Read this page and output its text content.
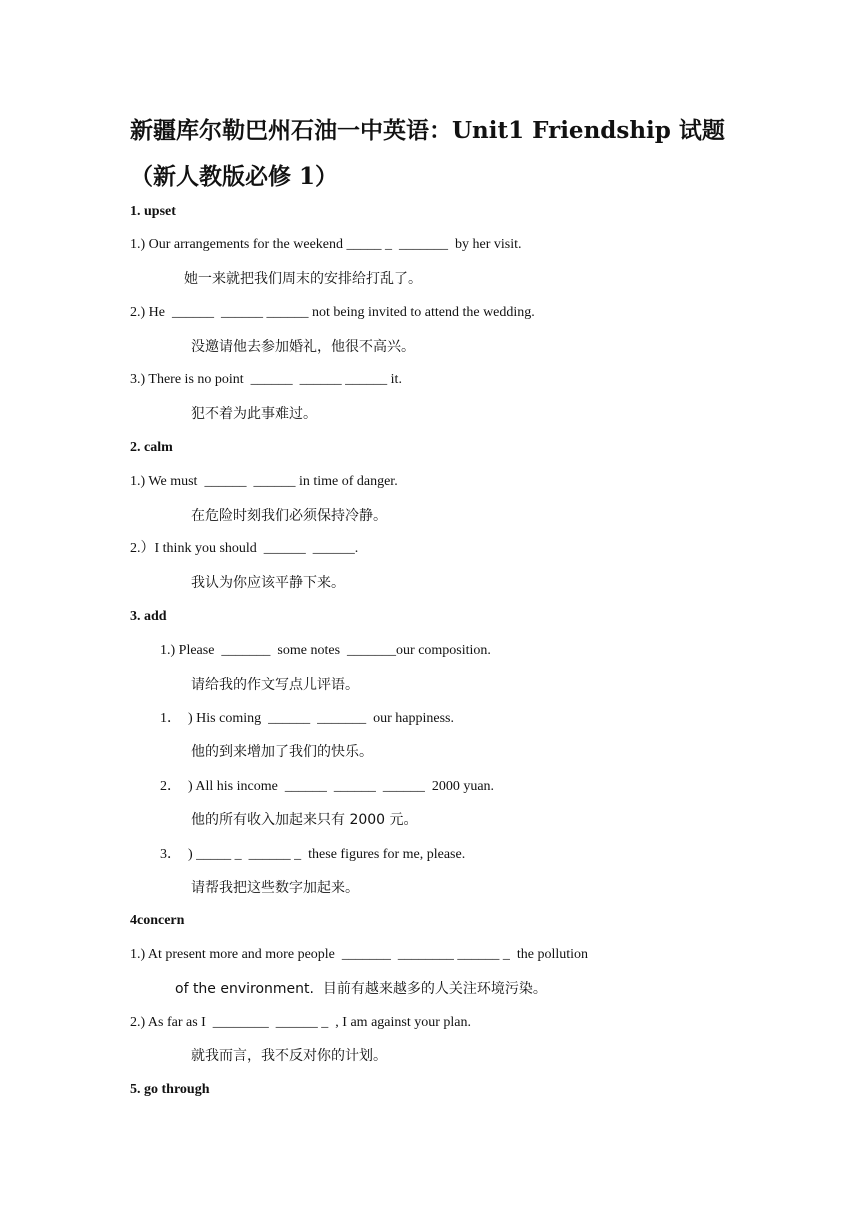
新疆库尔勒巴州石油一中英语：Unit1 Friendship 试题（新人教版必修 1）
1. upset
1.) Our arrangements for the weekend _____ _  _______  by her visit.
她一来就把我们周末的安排给打乱了。
2.) He  ______  ______ ______ not being invited to attend the wedding.
没邀请他去参加婚礼，他很不高兴。
3.) There is no point  ______  ______ ______ it.
犯不着为此事难过。
2. calm
1.) We must  ______  ______ in time of danger.
在危险时刻我们必须保持冷静。
2.）I think you should  ______  ______.
我认为你应该平静下来。
3. add
1.) Please  _______  some notes  _______our composition.
请给我的作文写点儿评语。
1．  ) His coming  ______  _______  our happiness.
他的到来增加了我们的快乐。
2．  ) All his income  ______  ______  ______  2000 yuan.
他的所有收入加起来只有 2000 元。
3．  ) _____ _  ______ _  these figures for me, please.
请帮我把这些数字加起来。
4concern
1.) At present more and more people  _______  ________ ______ _  the pollution
of the environment.  目前有越来越多的人关注环境污染。
2.) As far as I  ________  ______ _  , I am against your plan.
就我而言，我不反对你的计划。
5. go through
